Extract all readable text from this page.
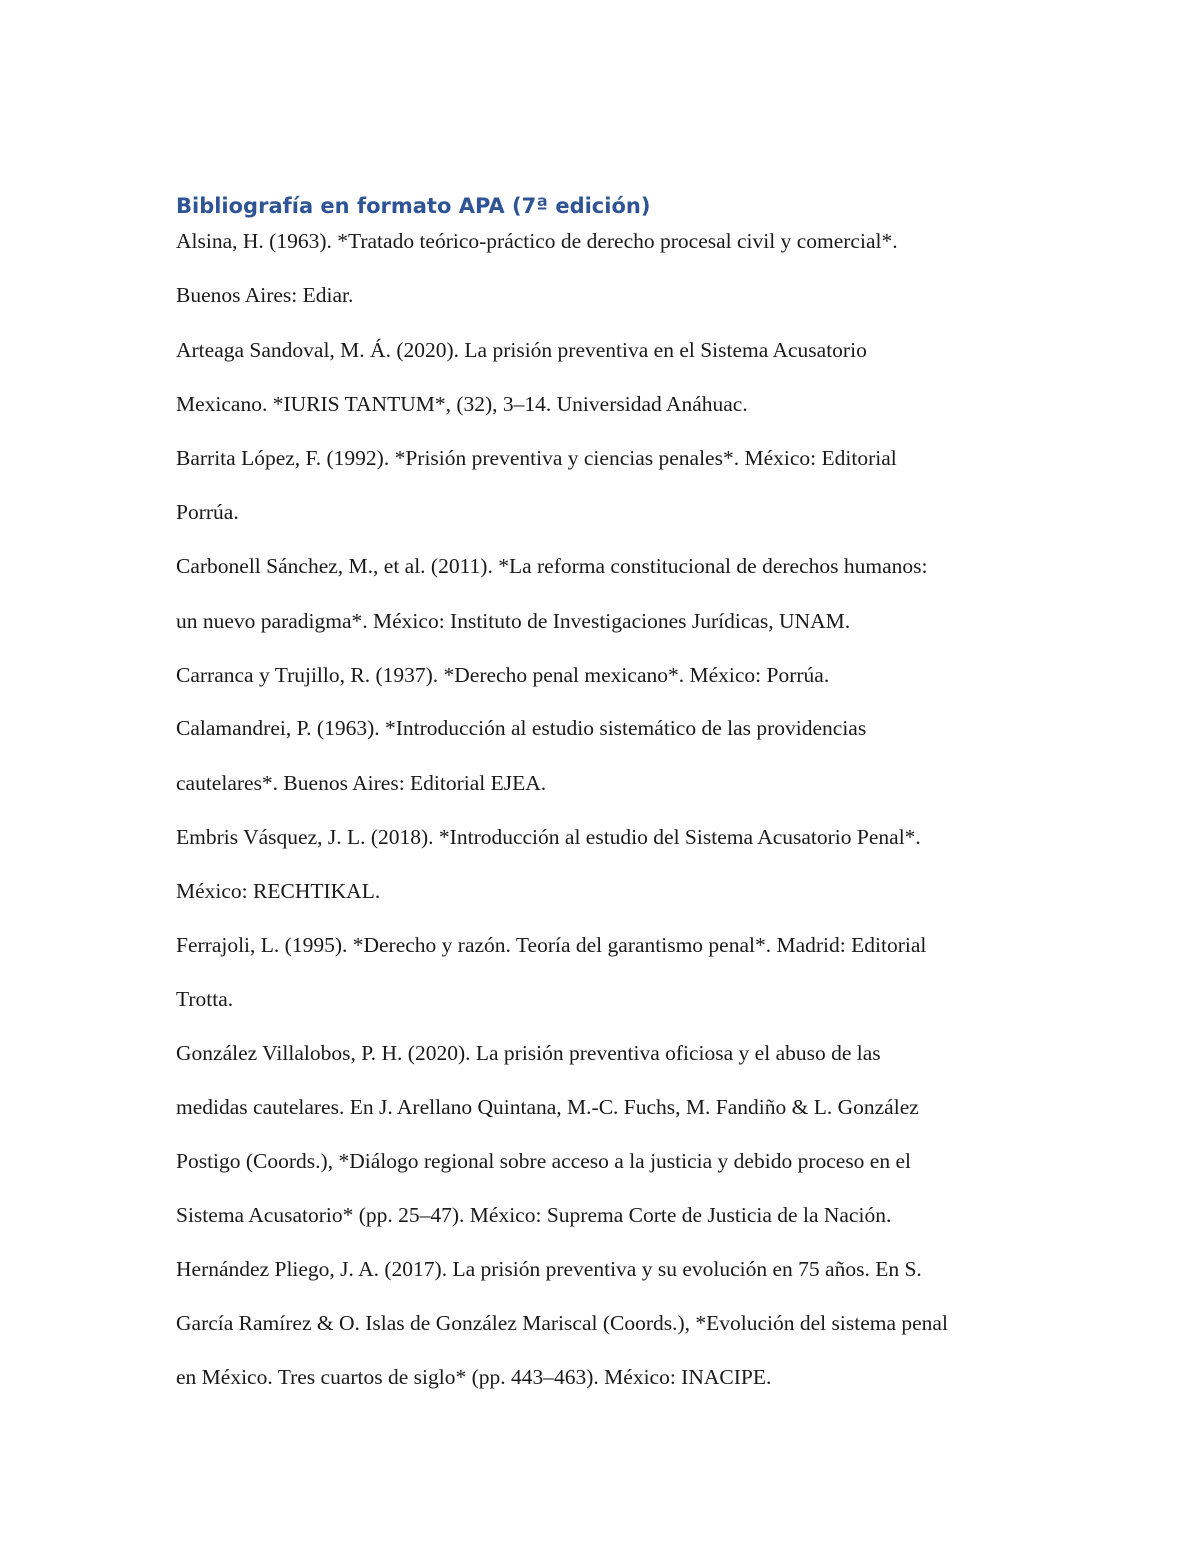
Bibliografía en formato APA (7ª edición)

Alsina, H. (1963). *Tratado teórico-práctico de derecho procesal civil y comercial*.

Buenos Aires: Ediar.

Arteaga Sandoval, M. Á. (2020). La prisión preventiva en el Sistema Acusatorio

Mexicano. *IURIS TANTUM*, (32), 3–14. Universidad Anáhuac.

Barrita López, F. (1992). *Prisión preventiva y ciencias penales*. México: Editorial

Porrúa.

Carbonell Sánchez, M., et al. (2011). *La reforma constitucional de derechos humanos:

un nuevo paradigma*. México: Instituto de Investigaciones Jurídicas, UNAM.

Carranca y Trujillo, R. (1937). *Derecho penal mexicano*. México: Porrúa.

Calamandrei, P. (1963). *Introducción al estudio sistemático de las providencias

cautelares*. Buenos Aires: Editorial EJEA.

Embris Vásquez, J. L. (2018). *Introducción al estudio del Sistema Acusatorio Penal*.

México: RECHTIKAL.

Ferrajoli, L. (1995). *Derecho y razón. Teoría del garantismo penal*. Madrid: Editorial

Trotta.

González Villalobos, P. H. (2020). La prisión preventiva oficiosa y el abuso de las

medidas cautelares. En J. Arellano Quintana, M.-C. Fuchs, M. Fandiño & L. González

Postigo (Coords.), *Diálogo regional sobre acceso a la justicia y debido proceso en el

Sistema Acusatorio* (pp. 25–47). México: Suprema Corte de Justicia de la Nación.

Hernández Pliego, J. A. (2017). La prisión preventiva y su evolución en 75 años. En S.

García Ramírez & O. Islas de González Mariscal (Coords.), *Evolución del sistema penal

en México. Tres cuartos de siglo* (pp. 443–463). México: INACIPE.
